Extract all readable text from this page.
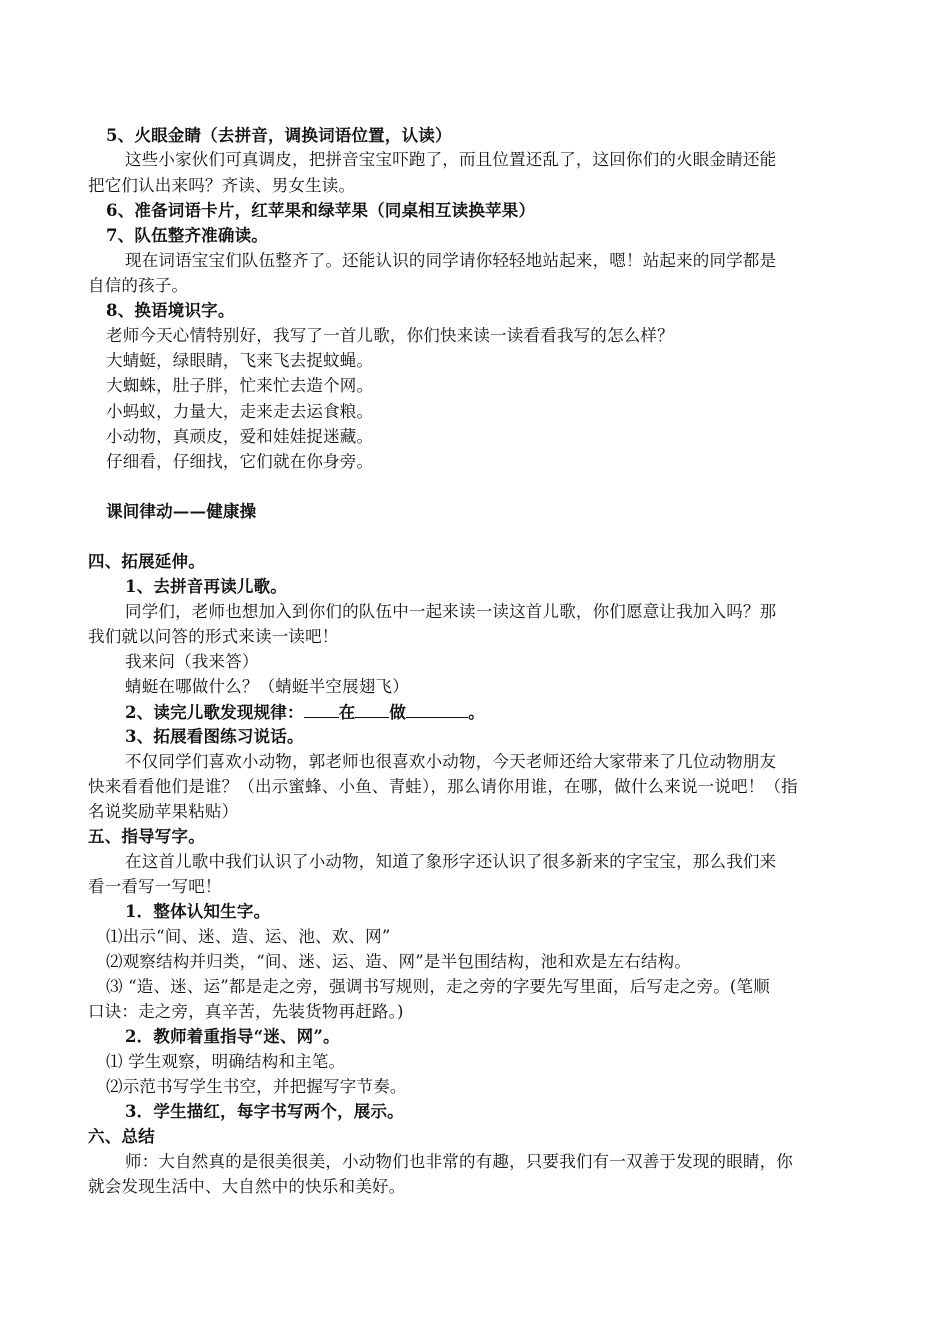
5、火眼金睛（去拼音，调换词语位置，认读）
这些小家伙们可真调皮，把拼音宝宝吓跑了，而且位置还乱了，这回你们的火眼金睛还能
把它们认出来吗？齐读、男女生读。
6、准备词语卡片，红苹果和绿苹果（同桌相互读换苹果）
7、队伍整齐准确读。
现在词语宝宝们队伍整齐了。还能认识的同学请你轻轻地站起来，嗯！站起来的同学都是
自信的孩子。
8、换语境识字。
老师今天心情特别好，我写了一首儿歌，你们快来读一读看看我写的怎么样？
大蜻蜓，绿眼睛，飞来飞去捉蚊蝇。
大蜘蛛，肚子胖，忙来忙去造个网。
小蚂蚁，力量大，走来走去运食粮。
小动物，真顽皮，爱和娃娃捉迷藏。
仔细看，仔细找，它们就在你身旁。
课间律动——健康操
四、拓展延伸。
1、去拼音再读儿歌。
同学们，老师也想加入到你们的队伍中一起来读一读这首儿歌，你们愿意让我加入吗？那
我们就以问答的形式来读一读吧！
我来问（我来答）
蜻蜓在哪做什么？（蜻蜓半空展翅飞）
2、读完儿歌发现规律： 在 做	。
3、拓展看图练习说话。
不仅同学们喜欢小动物，郭老师也很喜欢小动物，今天老师还给大家带来了几位动物朋友
快来看看他们是谁？（出示蜜蜂、小鱼、青蛙），那么请你用谁，在哪，做什么来说一说吧！（指
名说奖励苹果粘贴）
五、指导写字。
在这首儿歌中我们认识了小动物，知道了象形字还认识了很多新来的字宝宝，那么我们来
看一看写一写吧！
1．整体认知生字。
⑴出示“间、迷、造、运、池、欢、网”
⑵观察结构并归类，“间、迷、运、造、网”是半包围结构，池和欢是左右结构。
⑶ “造、迷、运”都是走之旁，强调书写规则，走之旁的字要先写里面，后写走之旁。(笔顺
口诀：走之旁，真辛苦，先装货物再赶路。)
2．教师着重指导“迷、网”。
⑴ 学生观察，明确结构和主笔。
⑵示范书写学生书空，并把握写字节奏。
3．学生描红，每字书写两个，展示。
六、总结
师：大自然真的是很美很美，小动物们也非常的有趣，只要我们有一双善于发现的眼睛，你
就会发现生活中、大自然中的快乐和美好。
